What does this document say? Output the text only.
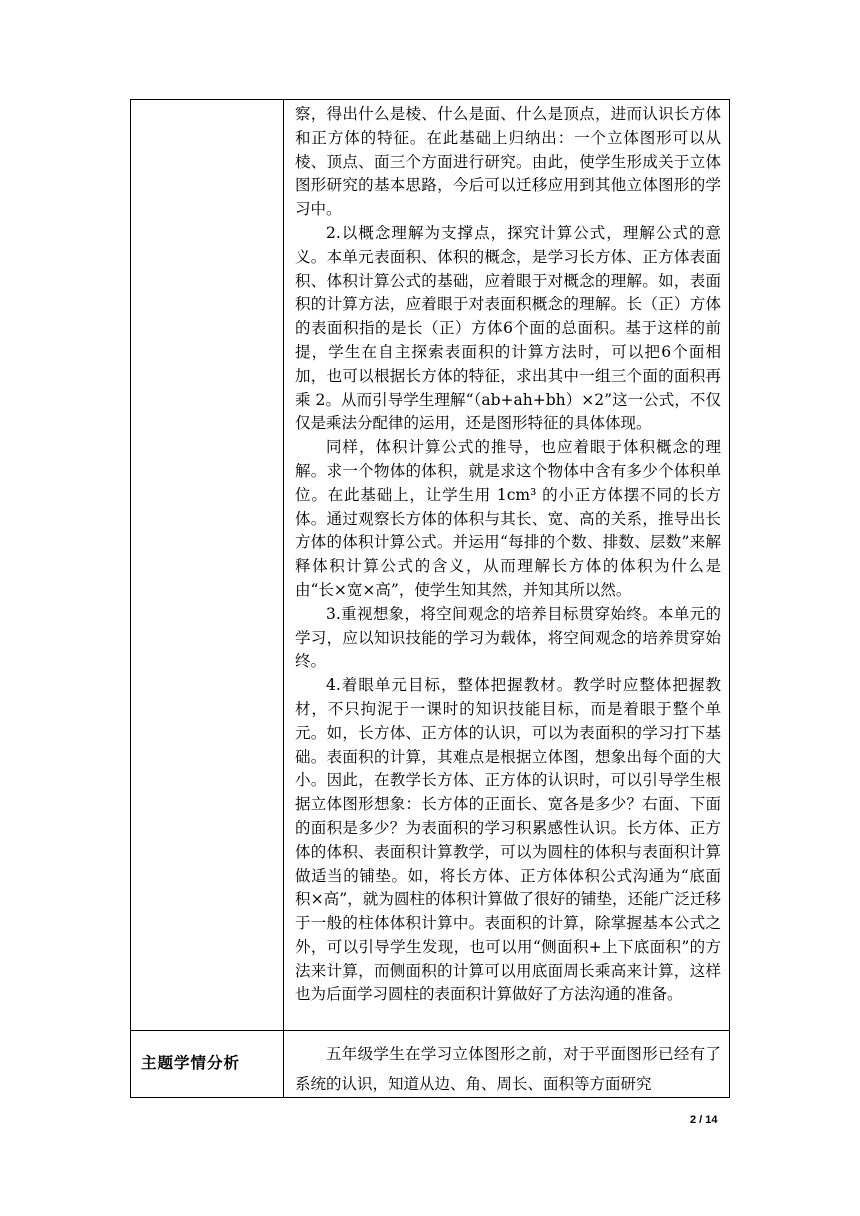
察，得出什么是棱、什么是面、什么是顶点，进而认识长方体和正方体的特征。在此基础上归纳出：一个立体图形可以从棱、顶点、面三个方面进行研究。由此，使学生形成关于立体图形研究的基本思路，今后可以迁移应用到其他立体图形的学习中。

2.以概念理解为支撑点，探究计算公式，理解公式的意义。本单元表面积、体积的概念，是学习长方体、正方体表面积、体积计算公式的基础，应着眼于对概念的理解。如，表面积的计算方法，应着眼于对表面积概念的理解。长（正）方体的表面积指的是长（正）方体6个面的总面积。基于这样的前提，学生在自主探索表面积的计算方法时，可以把6个面相加，也可以根据长方体的特征，求出其中一组三个面的面积再乘 2。从而引导学生理解“（ab+ah+bh）×2”这一公式，不仅仅是乘法分配律的运用，还是图形特征的具体体现。

同样，体积计算公式的推导，也应着眼于体积概念的理解。求一个物体的体积，就是求这个物体中含有多少个体积单位。在此基础上，让学生用 1cm³ 的小正方体摆不同的长方体。通过观察长方体的体积与其长、宽、高的关系，推导出长方体的体积计算公式。并运用“每排的个数、排数、层数”来解释体积计算公式的含义，从而理解长方体的体积为什么是由“长×宽×高”，使学生知其然，并知其所以然。

3.重视想象，将空间观念的培养目标贯穿始终。本单元的学习，应以知识技能的学习为载体，将空间观念的培养贯穿始终。

4.着眼单元目标，整体把握教材。教学时应整体把握教材，不只拘泥于一课时的知识技能目标，而是着眼于整个单元。如，长方体、正方体的认识，可以为表面积的学习打下基础。表面积的计算，其难点是根据立体图，想象出每个面的大小。因此，在教学长方体、正方体的认识时，可以引导学生根据立体图形想象：长方体的正面长、宽各是多少？右面、下面的面积是多少？为表面积的学习积累感性认识。长方体、正方体的体积、表面积计算教学，可以为圆柱的体积与表面积计算做适当的铺垫。如，将长方体、正方体体积公式沟通为“底面积×高”，就为圆柱的体积计算做了很好的铺垫，还能广泛迁移于一般的柱体体积计算中。表面积的计算，除掌握基本公式之外，可以引导学生发现，也可以用“侧面积+上下底面积”的方法来计算，而侧面积的计算可以用底面周长乘高来计算，这样也为后面学习圆柱的表面积计算做好了方法沟通的准备。

主题学情分析	五年级学生在学习立体图形之前，对于平面图形已经有了系统的认识，知道从边、角、周长、面积等方面研究

2 / 14
